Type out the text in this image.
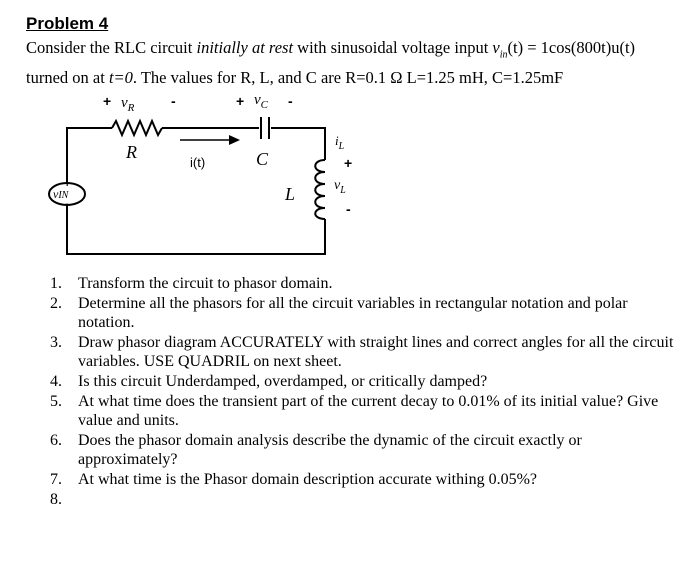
Problem 4
Consider the RLC circuit initially at rest with sinusoidal voltage input $v_{in}(t) = 1\cos(800t)u(t)$
turned on at t=0. The values for R, L, and C are R=0.1 Ω L=1.25 mH, C=1.25mF
+ $v_R$	-	+ $v_C$ -
R	C
L
i(t)
$i_L$
+
$v_L$
-
vIN
+
-
1. Transform the circuit to phasor domain.
2. Determine all the phasors for all the circuit variables in rectangular notation and polar notation.
3. Draw phasor diagram ACCURATELY with straight lines and correct angles for all the circuit variables. USE QUADRIL on next sheet.
4. Is this circuit Underdamped, overdamped, or critically damped?
5. At what time does the transient part of the current decay to 0.01% of its initial value? Give value and units.
6. Does the phasor domain analysis describe the dynamic of the circuit exactly or approximately?
7. At what time is the Phasor domain description accurate withing 0.05%?
8.
